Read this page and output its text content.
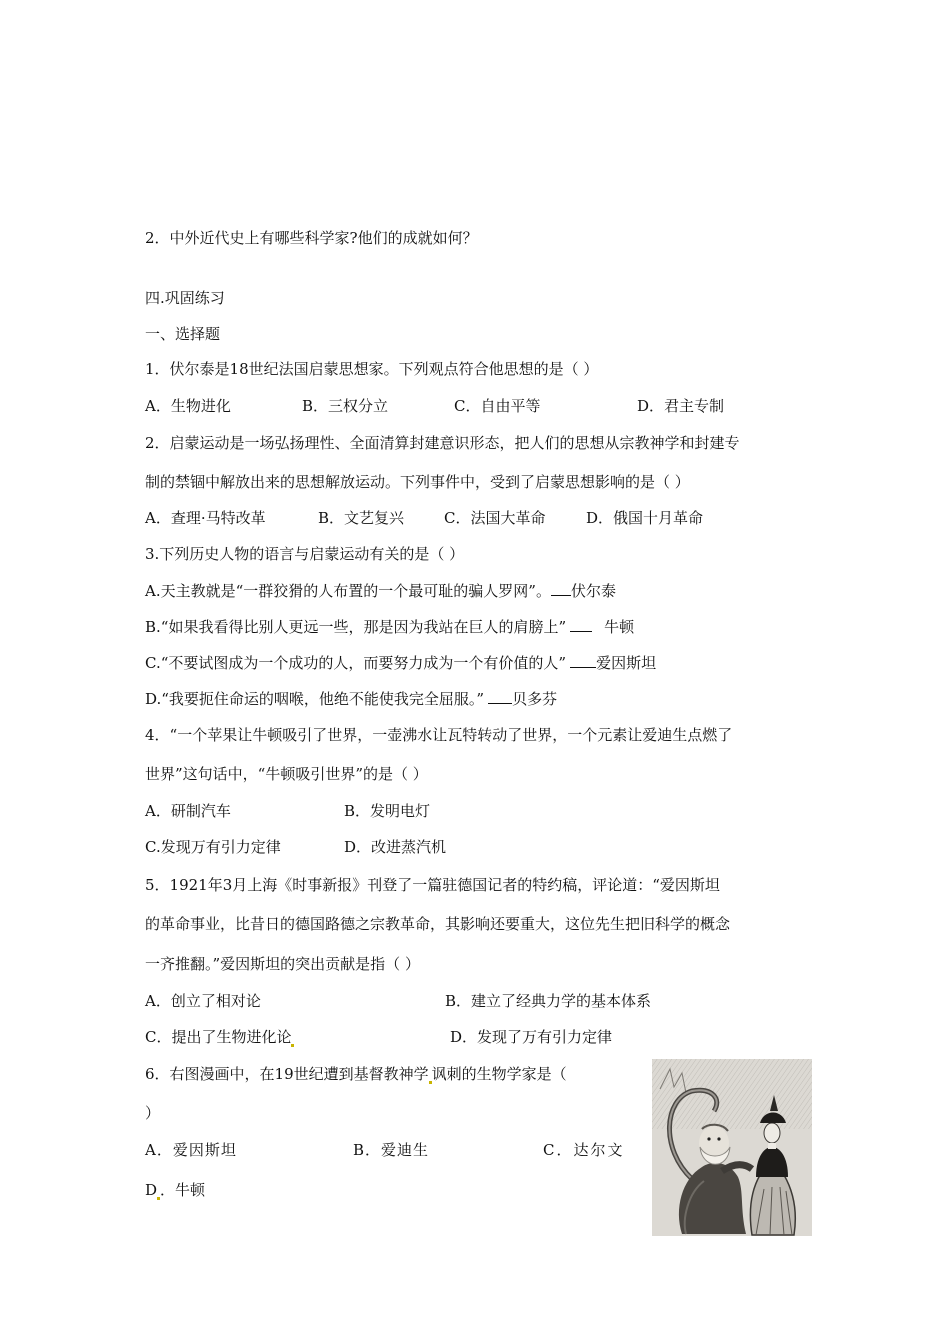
2．中外近代史上有哪些科学家?他们的成就如何？
四.巩固练习
一、选择题
1．伏尔泰是18世纪法国启蒙思想家。下列观点符合他思想的是（ ）
A．生物进化	B．三权分立	C．自由平等	D．君主专制
2．启蒙运动是一场弘扬理性、全面清算封建意识形态，把人们的思想从宗教神学和封建专
制的禁锢中解放出来的思想解放运动。下列事件中，受到了启蒙思想影响的是（ ）
A．查理·马特改革	B．文艺复兴	C．法国大革命	D．俄国十月革命
3.下列历史人物的语言与启蒙运动有关的是（ ）
A.天主教就是“一群狡猾的人布置的一个最可耻的骗人罗网”。 伏尔泰
B.“如果我看得比别人更远一些，那是因为我站在巨人的肩膀上”	牛顿
C.“不要试图成为一个成功的人，而要努力成为一个有价值的人” 爱因斯坦
D.“我要扼住命运的咽喉，他绝不能使我完全屈服。” 贝多芬
4．“一个苹果让牛顿吸引了世界，一壶沸水让瓦特转动了世界，一个元素让爱迪生点燃了
世界”这句话中，“牛顿吸引世界”的是（ ）
A．研制汽车	B．发明电灯
C.发现万有引力定律	D．改进蒸汽机
5．1921年3月上海《时事新报》刊登了一篇驻德国记者的特约稿，评论道：“爱因斯坦
的革命事业，比昔日的德国路德之宗教革命，其影响还要重大，这位先生把旧科学的概念
一齐推翻。”爱因斯坦的突出贡献是指（ ）
A．创立了相对论	B．建立了经典力学的基本体系
C．提出了生物进化论	D．发现了万有引力定律
6．右图漫画中，在19世纪遭到基督教神学 讽刺的生物学家是（
）
A．爱因斯坦	B．爱迪生	C．达尔文
D ．牛顿
